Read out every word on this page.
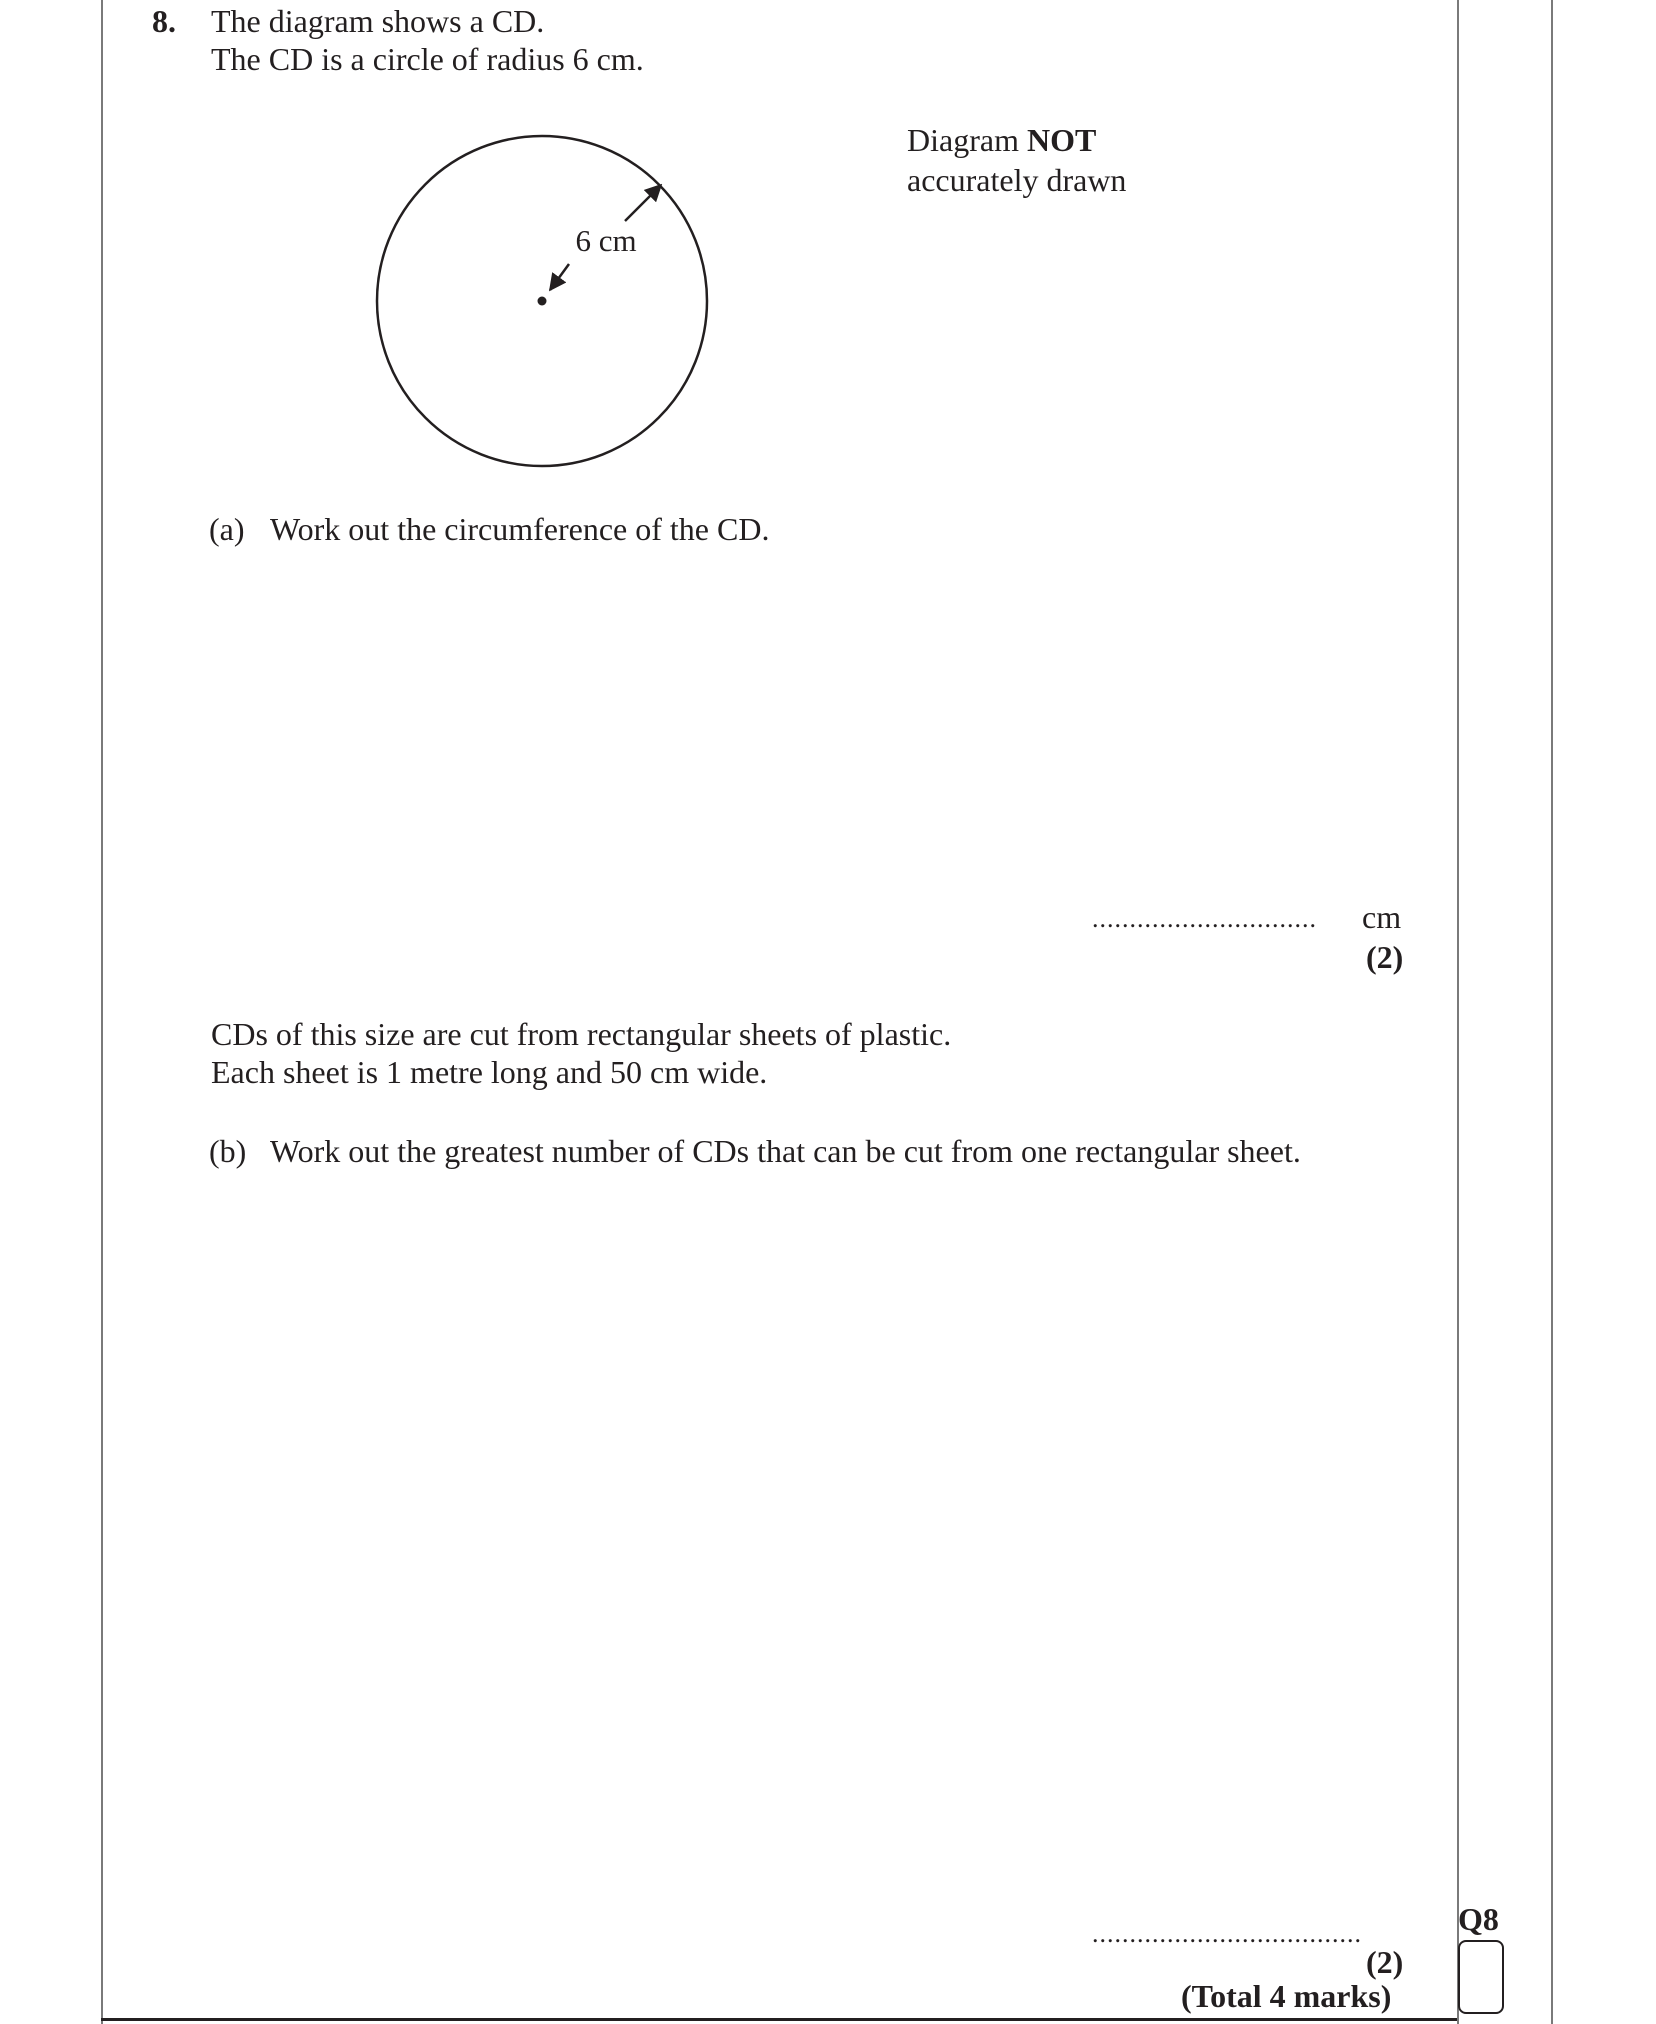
8. The diagram shows a CD.
The CD is a circle of radius 6 cm.
Diagram NOT
accurately drawn
6 cm
(a) Work out the circumference of the CD.
.............................. cm
(2)
CDs of this size are cut from rectangular sheets of plastic.
Each sheet is 1 metre long and 50 cm wide.
(b) Work out the greatest number of CDs that can be cut from one rectangular sheet.
....................................
(2)
(Total 4 marks)
Q8
